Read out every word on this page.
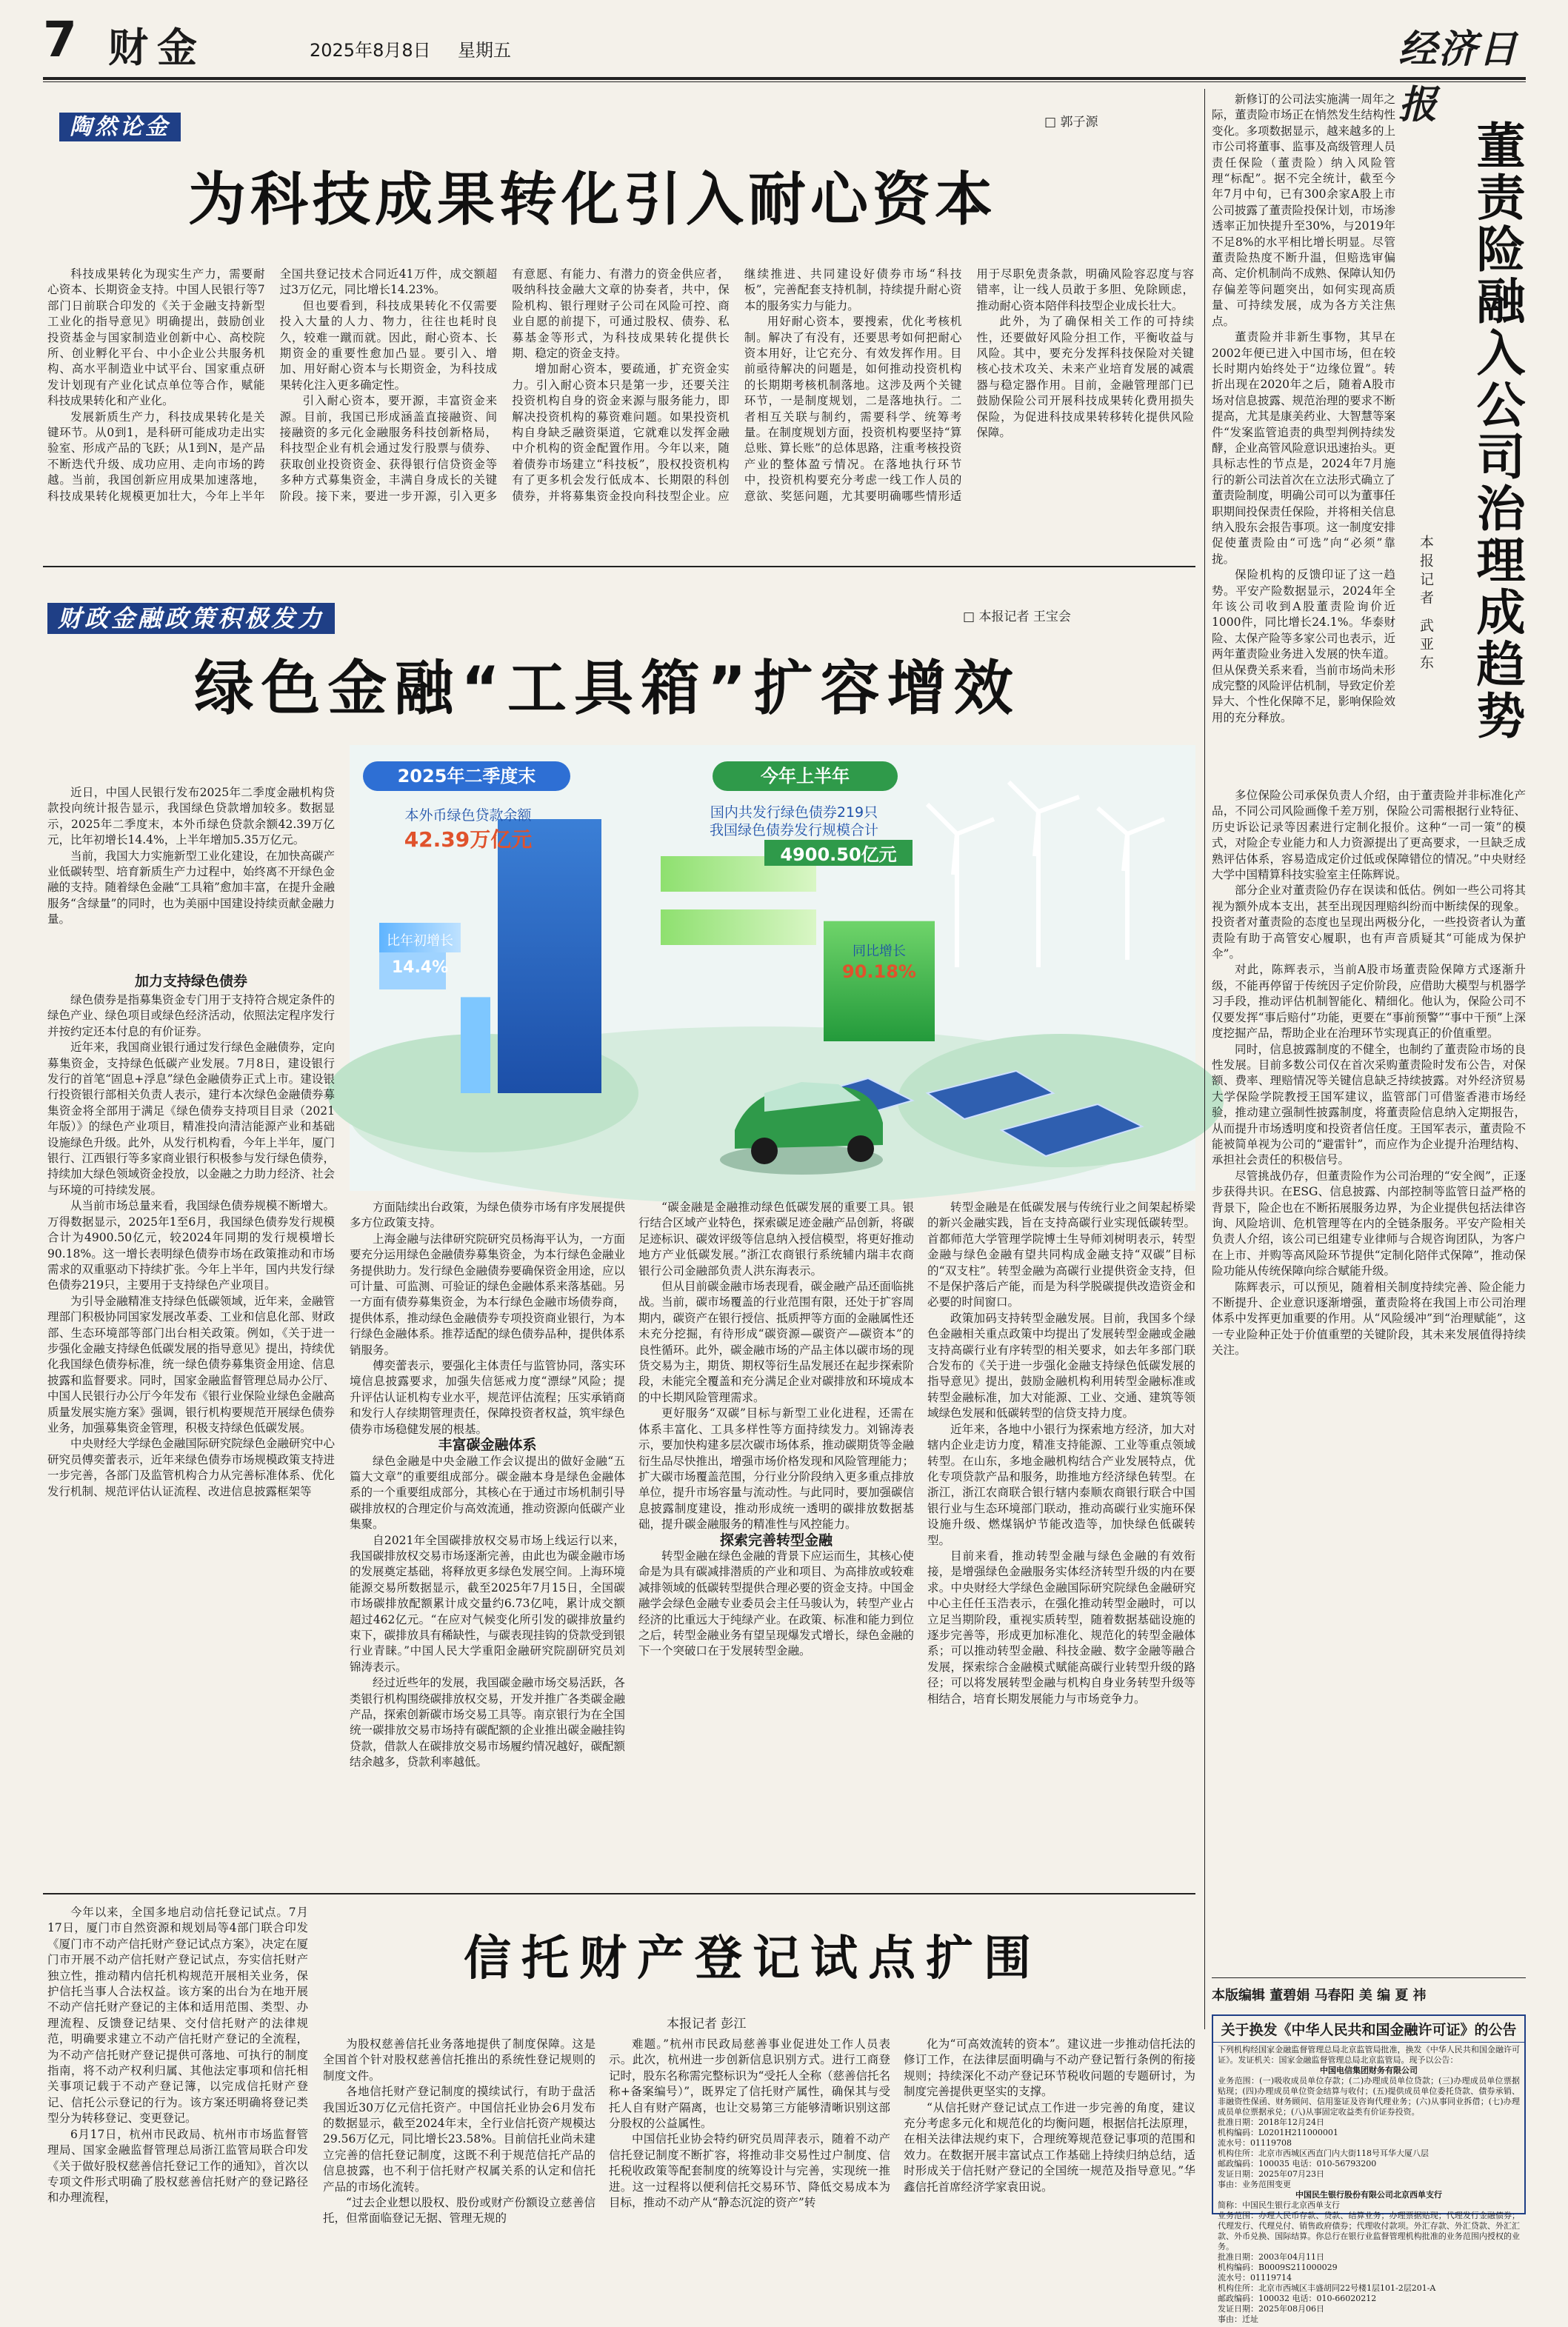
7 财金	2025年8月8日 星期五	经济日报
陶然论金	□ 郭子源
为科技成果转化引入耐心资本

科技成果转化为现实生产力，需要耐心资本、长期资金支持。中国人民银行等7部门日前联合印发的《关于金融支持新型工业化的指导意见》明确提出，鼓励创业投资基金与国家制造业创新中心、高校院所、创业孵化平台、中小企业公共服务机构、高水平制造业中试平台、国家重点研发计划现有产业化试点单位等合作，赋能科技成果转化和产业化。

发展新质生产力，科技成果转化是关键环节。从0到1，是科研可能成功走出实验室、形成产品的飞跃；从1到N，是产品不断迭代升级、成功应用、走向市场的跨越。当前，我国创新应用成果加速落地，科技成果转化规模更加壮大，今年上半年全国共登记技术合同近41万件，成交额超过3万亿元，同比增长14.23%。

但也要看到，科技成果转化不仅需要投入大量的人力、物力，往往也耗时良久，较难一蹴而就。因此，耐心资本、长期资金的重要性愈加凸显。要引入、增加、用好耐心资本与长期资金，为科技成果转化注入更多确定性。

引入耐心资本，要开源，丰富资金来源。目前，我国已形成涵盖直接融资、间接融资的多元化金融服务科技创新格局，科技型企业有机会通过发行股票与债券、获取创业投资资金、获得银行信贷资金等多种方式募集资金，丰满自身成长的关键阶段。接下来，要进一步开源，引入更多有意愿、有能力、有潜力的资金供应者，吸纳科技金融大文章的协奏者，共中，保险机构、银行理财子公司在风险可控、商业自愿的前提下，可通过股权、债券、私募基金等形式，为科技成果转化提供长期、稳定的资金支持。

增加耐心资本，要疏通，扩充资金实力。引入耐心资本只是第一步，还要关注投资机构自身的资金来源与服务能力，即解决投资机构的募资难问题。如果投资机构自身缺乏融资渠道，它就难以发挥金融中介机构的资金配置作用。今年以来，随着债券市场建立“科技板”，股权投资机构有了更多机会发行低成本、长期限的科创债券，并将募集资金投向科技型企业。应继续推进、共同建设好债券市场“科技板”，完善配套支持机制，持续提升耐心资本的服务实力与能力。

用好耐心资本，要搜索，优化考核机制。解决了有没有，还要思考如何把耐心资本用好，让它充分、有效发挥作用。目前亟待解决的问题是，如何推动投资机构的长期期考核机制落地。这涉及两个关键环节，一是制度规划，二是落地执行。二者相互关联与制约，需要科学、统筹考量。在制度规划方面，投资机构要坚持“算总账、算长账”的总体思路，注重考核投资产业的整体盈亏情况。在落地执行环节中，投资机构要充分考虑一线工作人员的意欲、奖惩问题，尤其要明确哪些情形适用于尽职免责条款，明确风险容忍度与容错率，让一线人员敢于多胆、免除顾虑，推动耐心资本陪伴科技型企业成长壮大。

此外，为了确保相关工作的可持续性，还要做好风险分担工作，平衡收益与风险。其中，要充分发挥科技保险对关键核心技术攻关、未来产业培育发展的减震器与稳定器作用。目前，金融管理部门已鼓励保险公司开展科技成果转化费用损失保险，为促进科技成果转移转化提供风险保障。

财政金融政策积极发力	□ 本报记者 王宝会
绿色金融“工具箱”扩容增效
2025年二季度末	今年上半年
本外币绿色贷款余额
42.39万亿元
比年初增长
14.4%
国内共发行绿色债券219只
我国绿色债券发行规模合计
4900.50亿元
同比增长
90.18%

近日，中国人民银行发布2025年二季度金融机构贷款投向统计报告显示，我国绿色贷款增加较多。数据显示，2025年二季度末，本外币绿色贷款余额42.39万亿元，比年初增长14.4%，上半年增加5.35万亿元。

当前，我国大力实施新型工业化建设，在加快高碳产业低碳转型、培育新质生产力过程中，始终离不开绿色金融的支持。随着绿色金融“工具箱”愈加丰富，在提升金融服务“含绿量”的同时，也为美丽中国建设持续贡献金融力量。

加力支持绿色债券

绿色债券是指募集资金专门用于支持符合规定条件的绿色产业、绿色项目或绿色经济活动，依照法定程序发行并按约定还本付息的有价证券。

近年来，我国商业银行通过发行绿色金融债券，定向募集资金，支持绿色低碳产业发展。7月8日，建设银行发行的首笔“固息+浮息”绿色金融债券正式上市。建设银行投资银行部相关负责人表示，建行本次绿色金融债券募集资金将全部用于满足《绿色债券支持项目目录（2021年版）》的绿色产业项目，精准投向清洁能源产业和基础设施绿色升级。此外，从发行机构看，今年上半年，厦门银行、江西银行等多家商业银行积极参与发行绿色债券，持续加大绿色领域资金投放，以金融之力助力经济、社会与环境的可持续发展。

从当前市场总量来看，我国绿色债券规模不断增大。万得数据显示，2025年1至6月，我国绿色债券发行规模合计为4900.50亿元，较2024年同期的发行规模增长90.18%。这一增长表明绿色债券市场在政策推动和市场需求的双重驱动下持续扩张。今年上半年，国内共发行绿色债券219只，主要用于支持绿色产业项目。

为引导金融精准支持绿色低碳领域，近年来，金融管理部门积极协同国家发展改革委、工业和信息化部、财政部、生态环境部等部门出台相关政策。例如，《关于进一步强化金融支持绿色低碳发展的指导意见》提出，持续优化我国绿色债券标准，统一绿色债券募集资金用途、信息披露和监督要求。同时，国家金融监督管理总局办公厅、中国人民银行办公厅今年发布《银行业保险业绿色金融高质量发展实施方案》强调，银行机构要规范开展绿色债券业务，加强募集资金管理，积极支持绿色低碳发展。

中央财经大学绿色金融国际研究院绿色金融研究中心研究员傅奕蕾表示，近年来绿色债券市场规模政策支持进一步完善，各部门及监管机构合力从完善标准体系、优化发行机制、规范评估认证流程、改进信息披露框架等

方面陆续出台政策，为绿色债券市场有序发展提供多方位政策支持。

上海金融与法律研究院研究员杨海平认为，一方面要充分运用绿色金融债券募集资金，为本行绿色金融业务提供助力。发行绿色金融债券要确保资金用途，应以可计量、可监测、可验证的绿色金融体系来落基础。另一方面有债券募集资金，为本行绿色金融市场债券商，提供体系，推动绿色金融债券专项投资商业银行，为本行绿色金融体系。推荐适配的绿色债券品种，提供体系销服务。

傅奕蕾表示，要强化主体责任与监管协同，落实环境信息披露要求，加强失信惩戒力度“漂绿”风险；提升评估认证机构专业水平，规范评估流程；压实承销商和发行人存续期管理责任，保障投资者权益，筑牢绿色债券市场稳健发展的根基。

丰富碳金融体系

绿色金融是中央金融工作会议提出的做好金融“五篇大文章”的重要组成部分。碳金融本身是绿色金融体系的一个重要组成部分，其核心在于通过市场机制引导碳排放权的合理定价与高效流通，推动资源向低碳产业集聚。

自2021年全国碳排放权交易市场上线运行以来，我国碳排放权交易市场逐渐完善，由此也为碳金融市场的发展奠定基础，将释放更多绿色发展空间。上海环境能源交易所数据显示，截至2025年7月15日，全国碳市场碳排放配额累计成交量约6.73亿吨，累计成交额超过462亿元。“在应对气候变化所引发的碳排放量约束下，碳排放具有稀缺性，与碳表现挂钩的贷款受到银行业青睐。”中国人民大学重阳金融研究院副研究员刘锦涛表示。

经过近些年的发展，我国碳金融市场交易活跃，各类银行机构围绕碳排放权交易，开发并推广各类碳金融产品，探索创新碳市场交易工具等。南京银行为在全国统一碳排放交易市场持有碳配额的企业推出碳金融挂钩贷款，借款人在碳排放交易市场履约情况越好，碳配额结余越多，贷款利率越低。

“碳金融是金融推动绿色低碳发展的重要工具。银行结合区域产业特色，探索碳足迹金融产品创新，将碳足迹标识、碳效评级等信息纳入授信模型，将更好推动地方产业低碳发展。”浙江农商银行系统辅内瑞丰农商银行公司金融部负责人洪东海表示。

但从目前碳金融市场表现看，碳金融产品还面临挑战。当前，碳市场覆盖的行业范围有限，还处于扩容周期内，碳资产在银行授信、抵质押等方面的金融属性还未充分挖掘，有待形成“碳资源—碳资产—碳资本”的良性循环。此外，碳金融市场的产品主体以碳市场的现货交易为主，期货、期权等衍生品发展还在起步探索阶段，未能完全覆盖和充分满足企业对碳排放和环境成本的中长期风险管理需求。

更好服务“双碳”目标与新型工业化进程，还需在体系丰富化、工具多样性等方面持续发力。刘锦涛表示，要加快构建多层次碳市场体系，推动碳期货等金融衍生品尽快推出，增强市场价格发现和风险管理能力；扩大碳市场覆盖范围，分行业分阶段纳入更多重点排放单位，提升市场容量与流动性。与此同时，要加强碳信息披露制度建设，推动形成统一透明的碳排放数据基础，提升碳金融服务的精准性与风控能力。

探索完善转型金融

转型金融在绿色金融的背景下应运而生，其核心使命是为具有碳减排潜质的产业和项目、为高排放或较难减排领域的低碳转型提供合理必要的资金支持。中国金融学会绿色金融专业委员会主任马骏认为，转型产业占经济的比重远大于纯绿产业。在政策、标准和能力到位之后，转型金融业务有望呈现爆发式增长，绿色金融的下一个突破口在于发展转型金融。

转型金融是在低碳发展与传统行业之间架起桥梁的新兴金融实践，旨在支持高碳行业实现低碳转型。首都师范大学管理学院博士生导师刘树明表示，转型金融与绿色金融有望共同构成金融支持“双碳”目标的“双支柱”。转型金融为高碳行业提供资金支持，但不是保护落后产能，而是为科学脱碳提供改造资金和必要的时间窗口。

政策加码支持转型金融发展。目前，我国多个绿色金融相关重点政策中均提出了发展转型金融或金融支持高碳行业有序转型的相关要求，如去年多部门联合发布的《关于进一步强化金融支持绿色低碳发展的指导意见》提出，鼓励金融机构利用转型金融标准或转型金融标准，加大对能源、工业、交通、建筑等领域绿色发展和低碳转型的信贷支持力度。

近年来，各地中小银行为探索地方经济，加大对辖内企业走访力度，精准支持能源、工业等重点领域转型。在山东，多地金融机构结合产业发展特点，优化专项贷款产品和服务，助推地方经济绿色转型。在浙江，浙江农商联合银行辖内泰顺农商银行联合中国银行业与生态环境部门联动，推动高碳行业实施环保设施升级、燃煤锅炉节能改造等，加快绿色低碳转型。

目前来看，推动转型金融与绿色金融的有效衔接，是增强绿色金融服务实体经济转型升级的内在要求。中央财经大学绿色金融国际研究院绿色金融研究中心主任任玉浩表示，在强化推动转型金融时，可以立足当期阶段，重视实质转型，随着数据基础设施的逐步完善等，形成更加标准化、规范化的转型金融体系；可以推动转型金融、科技金融、数字金融等融合发展，探索综合金融模式赋能高碳行业转型升级的路径；可以将发展转型金融与机构自身业务转型升级等相结合，培育长期发展能力与市场竞争力。

新修订的公司法实施满一周年之际，董责险市场正在悄然发生结构性变化。多项数据显示，越来越多的上市公司将董事、监事及高级管理人员责任保险（董责险）纳入风险管理“标配”。据不完全统计，截至今年7月中旬，已有300余家A股上市公司披露了董责险投保计划，市场渗透率正加快提升至30%，与2019年不足8%的水平相比增长明显。尽管董责险热度不断升温，但赔选审偏高、定价机制尚不成熟、保障认知仍存偏差等问题突出，如何实现高质量、可持续发展，成为各方关注焦点。

董责险并非新生事物，其早在2002年便已进入中国市场，但在较长时期内始终处于“边缘位置”。转折出现在2020年之后，随着A股市场对信息披露、规范治理的要求不断提高，尤其是康美药业、大智慧等案件“发案监管追责的典型判例持续发酵，企业高管风险意识迅速抬头。更具标志性的节点是，2024年7月施行的新公司法首次在立法形式确立了董责险制度，明确公司可以为董事任职期间投保责任保险，并将相关信息纳入股东会报告事项。这一制度安排促使董责险由“可选”向“必须”靠拢。

保险机构的反馈印证了这一趋势。平安产险数据显示，2024年全年该公司收到A股董责险询价近1000件，同比增长24.1%。华泰财险、太保产险等多家公司也表示，近两年董责险业务进入发展的快车道。但从保费关系来看，当前市场尚未形成完整的风险评估机制，导致定价差异大、个性化保障不足，影响保险效用的充分释放。	董责险融入公司治理成趋势
本报记者 武亚东

多位保险公司承保负责人介绍，由于董责险并非标准化产品，不同公司风险画像千差万别，保险公司需根据行业特征、历史诉讼记录等因素进行定制化报价。这种“一司一策”的模式，对险企专业能力和人力资源提出了更高要求，一旦缺乏成熟评估体系，容易造成定价过低或保障错位的情况。”中央财经大学中国精算科技实验室主任陈辉说。

部分企业对董责险仍存在误读和低估。例如一些公司将其视为额外成本支出，甚至出现因理赔纠纷而中断续保的现象。投资者对董责险的态度也呈现出两极分化，一些投资者认为董责险有助于高管安心履职，也有声音质疑其“可能成为保护伞”。

对此，陈辉表示，当前A股市场董责险保障方式逐渐升级，不能再停留于传统因子定价阶段，应借助大模型与机器学习手段，推动评估机制智能化、精细化。他认为，保险公司不仅要发挥“事后赔付”功能，更要在“事前预警”“事中干预”上深度挖掘产品，帮助企业在治理环节实现真正的价值重塑。

同时，信息披露制度的不健全，也制约了董责险市场的良性发展。目前多数公司仅在首次采购董责险时发布公告，对保额、费率、理赔情况等关键信息缺乏持续披露。对外经济贸易大学保险学院教授王国军建议，监管部门可借鉴香港市场经验，推动建立强制性披露制度，将董责险信息纳入定期报告，从而提升市场透明度和投资者信任度。王国军表示，董责险不能被简单视为公司的“避雷针”，而应作为企业提升治理结构、承担社会责任的积极信号。

尽管挑战仍存，但董责险作为公司治理的“安全阀”，正逐步获得共识。在ESG、信息披露、内部控制等监管日益严格的背景下，险企也在不断拓展服务边界，为企业提供包括法律咨询、风险培训、危机管理等在内的全链条服务。平安产险相关负责人介绍，该公司已组建专业律师与合规咨询团队，为客户在上市、并购等高风险环节提供“定制化陪伴式保障”，推动保险功能从传统保障向综合赋能升级。

陈辉表示，可以预见，随着相关制度持续完善、险企能力不断提升、企业意识逐渐增强，董责险将在我国上市公司治理体系中发挥更加重要的作用。从“风险缓冲”到“治理赋能”，这一专业险种正处于价值重塑的关键阶段，其未来发展值得持续关注。

本版编辑 董碧娟 马春阳 美 编 夏 祎
关于换发《中华人民共和国金融许可证》的公告
下列机构经国家金融监督管理总局北京监管局批准，换发《中华人民共和国金融许可证》。发证机关：国家金融监督管理总局北京监管局。现予以公告：
中国电信集团财务有限公司
业务范围：(一)吸收成员单位存款；(二)办理成员单位贷款；(三)办理成员单位票据贴现；(四)办理成员单位资金结算与收付；(五)提供成员单位委托贷款、债券承销、非融资性保函、财务顾问、信用鉴证及咨询代理业务；(六)从事同业拆借；(七)办理成员单位票据承兑；(八)从事固定收益类有价证券投资。
批准日期：2018年12月24日
机构编码：L0201H211000001
流水号：01119708
机构住所：北京市西城区西直门内大街118号耳华大厦八层
邮政编码：100035 电话：010-56793200
发证日期：2025年07月23日
事由：业务范围变更
中国民生银行股份有限公司北京西单支行
简称：中国民生银行北京西单支行
业务范围：办理人民币存款、贷款、结算业务；办理票据贴现；代理发行金融债券；代理发行、代理兑付、销售政府债券；代理收付款项。外汇存款、外汇贷款、外汇汇款、外币兑换、国际结算。你总行在银行业监督管理机构批准的业务范围内授权的业务。
批准日期：2003年04月11日
机构编码：B0009S211000029
流水号：01119714
机构住所：北京市西城区丰盛胡同22号楼1层101-2层201-A
邮政编码：100032 电话：010-66020212
发证日期：2025年08月06日
事由：迁址

今年以来，全国多地启动信托登记试点。7月17日，厦门市自然资源和规划局等4部门联合印发《厦门市不动产信托财产登记试点方案》，决定在厦门市开展不动产信托财产登记试点，夯实信托财产独立性，推动精内信托机构规范开展相关业务，保护信托当事人合法权益。该方案的出台为在地开展不动产信托财产登记的主体和适用范围、类型、办理流程、反馈登记结果、交付信托财产的法律规范，明确要求建立不动产信托财产登记的全流程，为不动产信托财产登记提供可落地、可执行的制度指南，将不动产权利归属、其他法定事项和信托相关事项记载于不动产登记簿，以完成信托财产登记、信托公示登记的行为。该方案还明确将登记类型分为转移登记、变更登记。

6月17日，杭州市民政局、杭州市市场监督管理局、国家金融监督管理总局浙江监管局联合印发《关于做好股权慈善信托登记工作的通知》，首次以专项文件形式明确了股权慈善信托财产的登记路径和办理流程，

信托财产登记试点扩围
本报记者 彭江

为股权慈善信托业务落地提供了制度保障。这是全国首个针对股权慈善信托推出的系统性登记规则的制度文件。

各地信托财产登记制度的摸续试行，有助于盘活我国近30万亿元信托资产。中国信托业协会6月发布的数据显示，截至2024年末，全行业信托资产规模达29.56万亿元，同比增长23.58%。目前信托业尚未建立完善的信托登记制度，这既不利于规范信托产品的信息披露，也不利于信托财产权属关系的认定和信托产品的市场化流转。

“过去企业想以股权、股份或财产份额设立慈善信托，但常面临登记无据、管理无规的

难题。”杭州市民政局慈善事业促进处工作人员表示。此次，杭州进一步创新信息识别方式。进行工商登记时，股东名称需完整标识为“受托人全称（慈善信托名称+备案编号）”，既界定了信托财产属性，确保其与受托人自有财产隔离，也让交易第三方能够清晰识别这部分股权的公益属性。

中国信托业协会特约研究员周萍表示，随着不动产信托登记制度不断扩容，将推动非交易性过户制度、信托税收政策等配套制度的统筹设计与完善，实现统一推进。这一过程将以便利信托交易环节、降低交易成本为目标，推动不动产从“静态沉淀的资产”转

化为“可高效流转的资本”。建议进一步推动信托法的修订工作，在法律层面明确与不动产登记暂行条例的衔接规则；持续深化不动产登记环节税收问题的专题研讨，为制度完善提供更坚实的支撑。

“从信托财产登记试点工作进一步完善的角度，建议充分考虑多元化和规范化的均衡问题，根据信托法原理，在相关法律法规约束下，合理统筹规范登记事项的范围和效力。在数据开展丰富试点工作基础上持续归纳总结，适时形成关于信托财产登记的全国统一规范及指导意见。”华鑫信托首席经济学家袁田说。
